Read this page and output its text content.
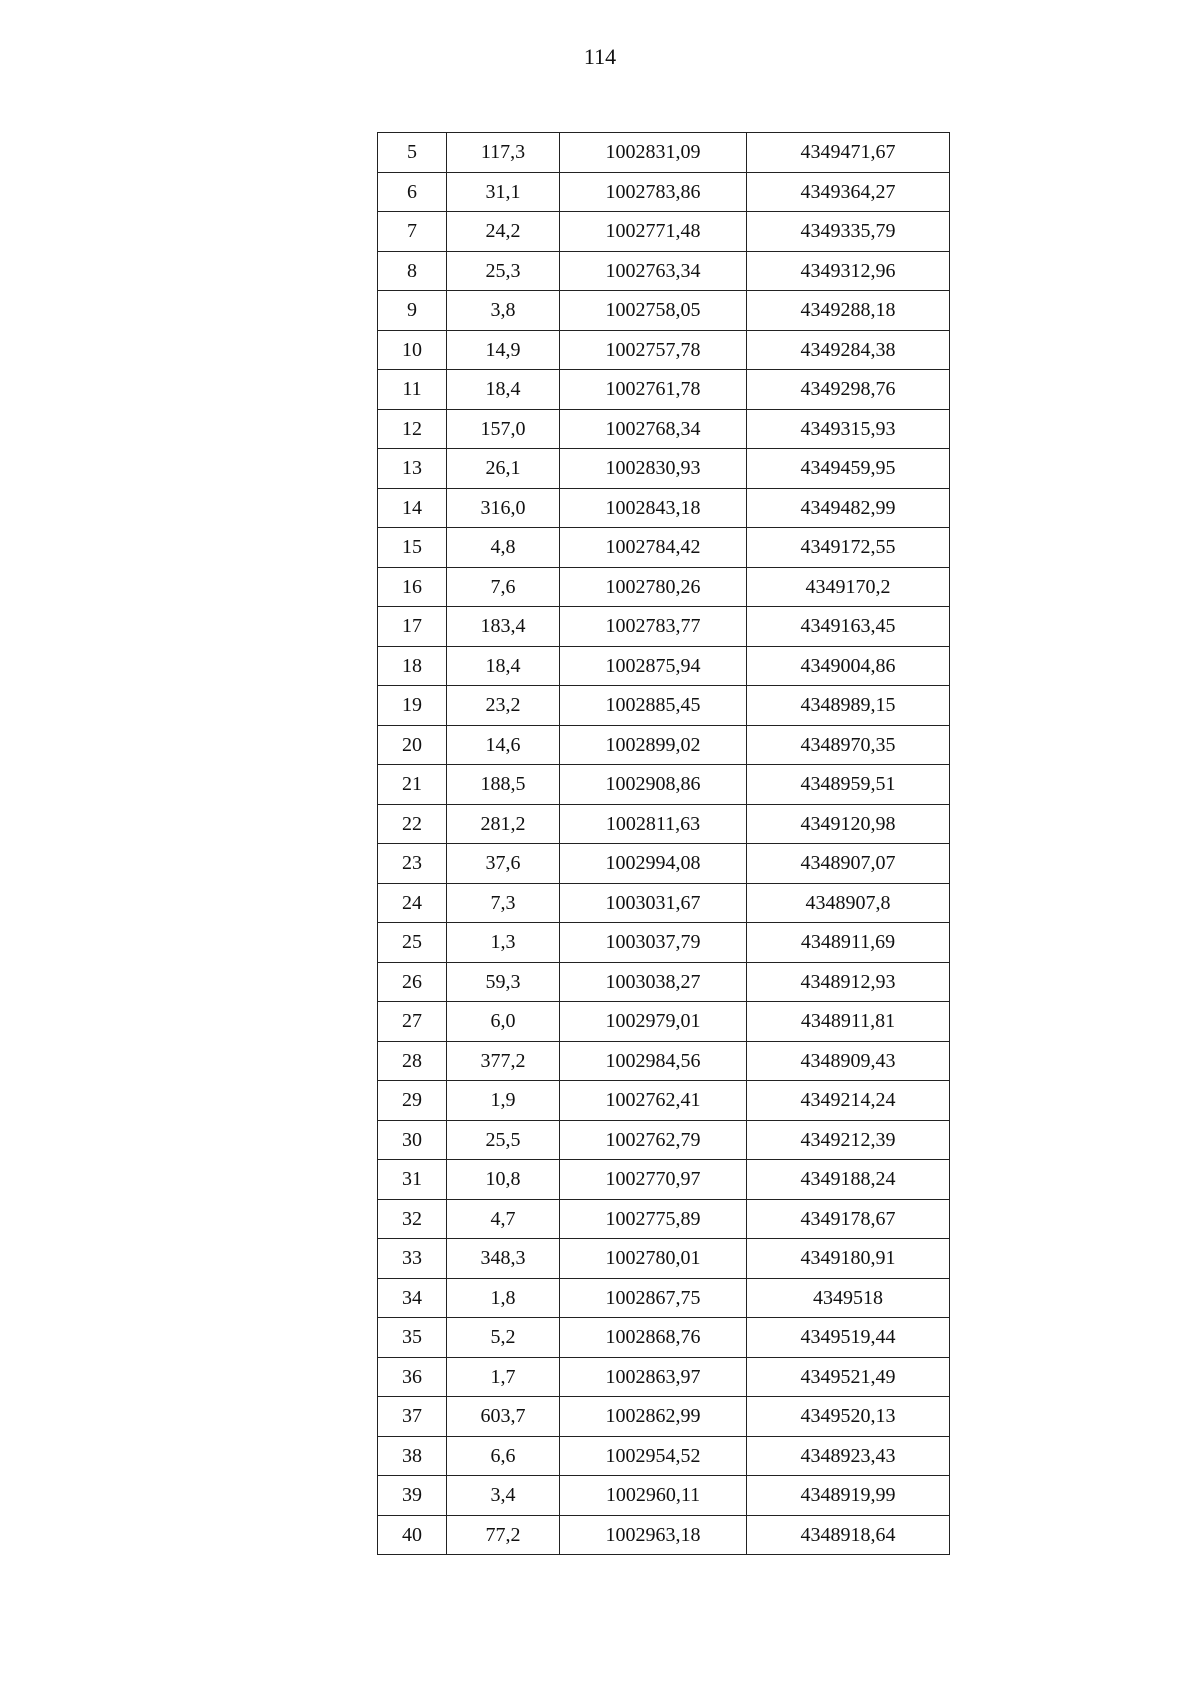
114
5	117,3	1002831,09	4349471,67
6	31,1	1002783,86	4349364,27
7	24,2	1002771,48	4349335,79
8	25,3	1002763,34	4349312,96
9	3,8	1002758,05	4349288,18
10	14,9	1002757,78	4349284,38
11	18,4	1002761,78	4349298,76
12	157,0	1002768,34	4349315,93
13	26,1	1002830,93	4349459,95
14	316,0	1002843,18	4349482,99
15	4,8	1002784,42	4349172,55
16	7,6	1002780,26	4349170,2
17	183,4	1002783,77	4349163,45
18	18,4	1002875,94	4349004,86
19	23,2	1002885,45	4348989,15
20	14,6	1002899,02	4348970,35
21	188,5	1002908,86	4348959,51
22	281,2	1002811,63	4349120,98
23	37,6	1002994,08	4348907,07
24	7,3	1003031,67	4348907,8
25	1,3	1003037,79	4348911,69
26	59,3	1003038,27	4348912,93
27	6,0	1002979,01	4348911,81
28	377,2	1002984,56	4348909,43
29	1,9	1002762,41	4349214,24
30	25,5	1002762,79	4349212,39
31	10,8	1002770,97	4349188,24
32	4,7	1002775,89	4349178,67
33	348,3	1002780,01	4349180,91
34	1,8	1002867,75	4349518
35	5,2	1002868,76	4349519,44
36	1,7	1002863,97	4349521,49
37	603,7	1002862,99	4349520,13
38	6,6	1002954,52	4348923,43
39	3,4	1002960,11	4348919,99
40	77,2	1002963,18	4348918,64
